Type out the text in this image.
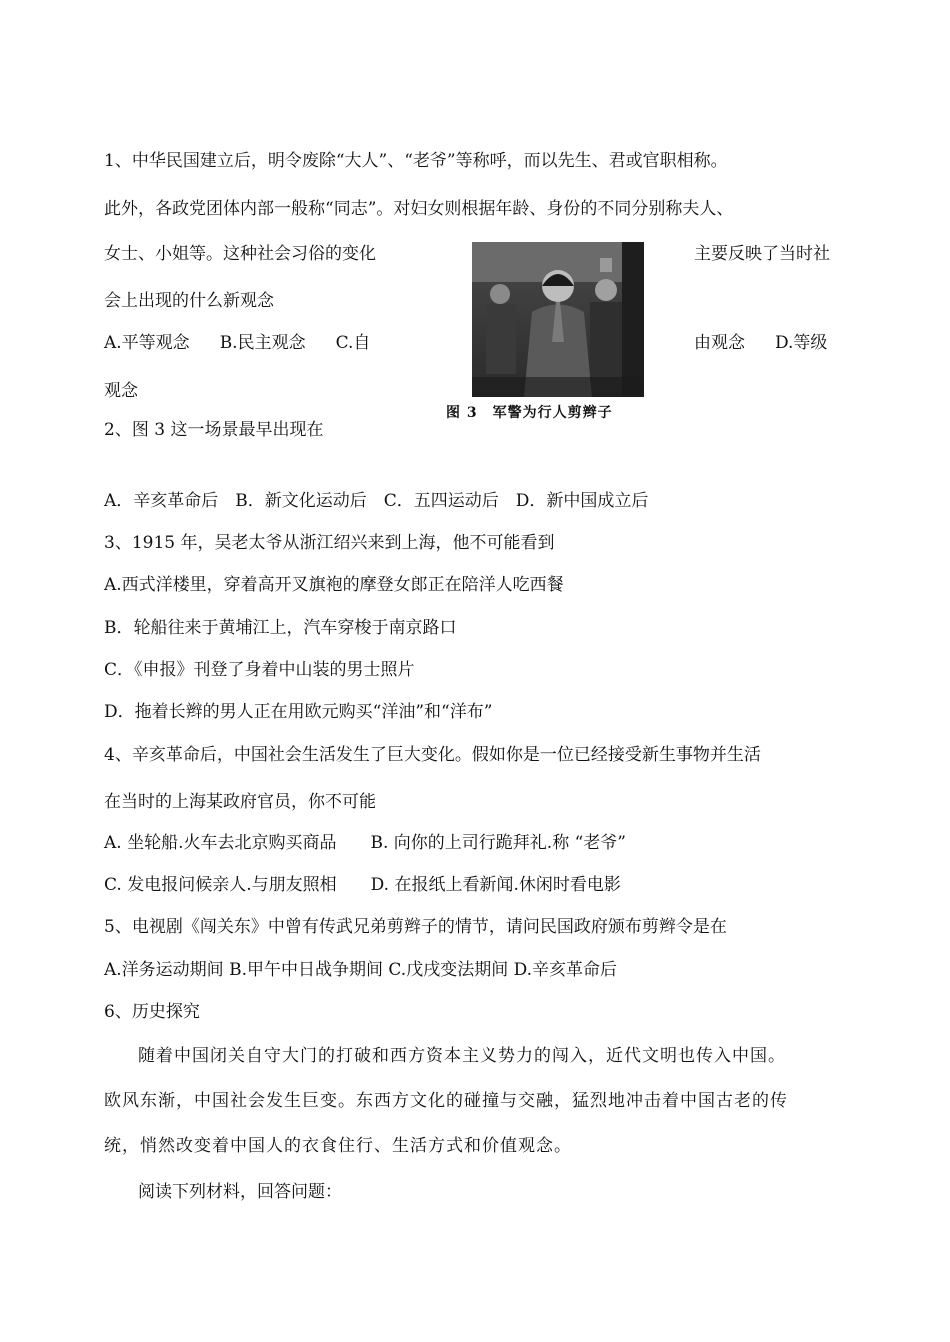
1、中华民国建立后，明令废除“大人”、“老爷”等称呼，而以先生、君或官职相称。
此外，各政党团体内部一般称“同志”。对妇女则根据年龄、身份的不同分别称夫人、
女士、小姐等。这种社会习俗的变化	主要反映了当时社
会上出现的什么新观念
A.平等观念 B.民主观念 C.自	由观念 D.等级
观念
图 3　军警为行人剪辫子
2、图 3 这一场景最早出现在
A．辛亥革命后　B．新文化运动后　C．五四运动后　D．新中国成立后
3、1915 年，吴老太爷从浙江绍兴来到上海，他不可能看到
A.西式洋楼里，穿着高开叉旗袍的摩登女郎正在陪洋人吃西餐
B．轮船往来于黄埔江上，汽车穿梭于南京路口
C．《申报》刊登了身着中山装的男士照片
D．拖着长辫的男人正在用欧元购买“洋油”和“洋布”
4、辛亥革命后，中国社会生活发生了巨大变化。假如你是一位已经接受新生事物并生活
在当时的上海某政府官员，你不可能
A. 坐轮船.火车去北京购买商品　　B. 向你的上司行跪拜礼.称 “老爷”
C. 发电报问候亲人.与朋友照相　　D. 在报纸上看新闻.休闲时看电影
5、电视剧《闯关东》中曾有传武兄弟剪辫子的情节，请问民国政府颁布剪辫令是在
A.洋务运动期间 B.甲午中日战争期间 C.戊戌变法期间 D.辛亥革命后
6、历史探究
随着中国闭关自守大门的打破和西方资本主义势力的闯入，近代文明也传入中国。
欧风东渐，中国社会发生巨变。东西方文化的碰撞与交融，猛烈地冲击着中国古老的传
统，悄然改变着中国人的衣食住行、生活方式和价值观念。
阅读下列材料，回答问题：
